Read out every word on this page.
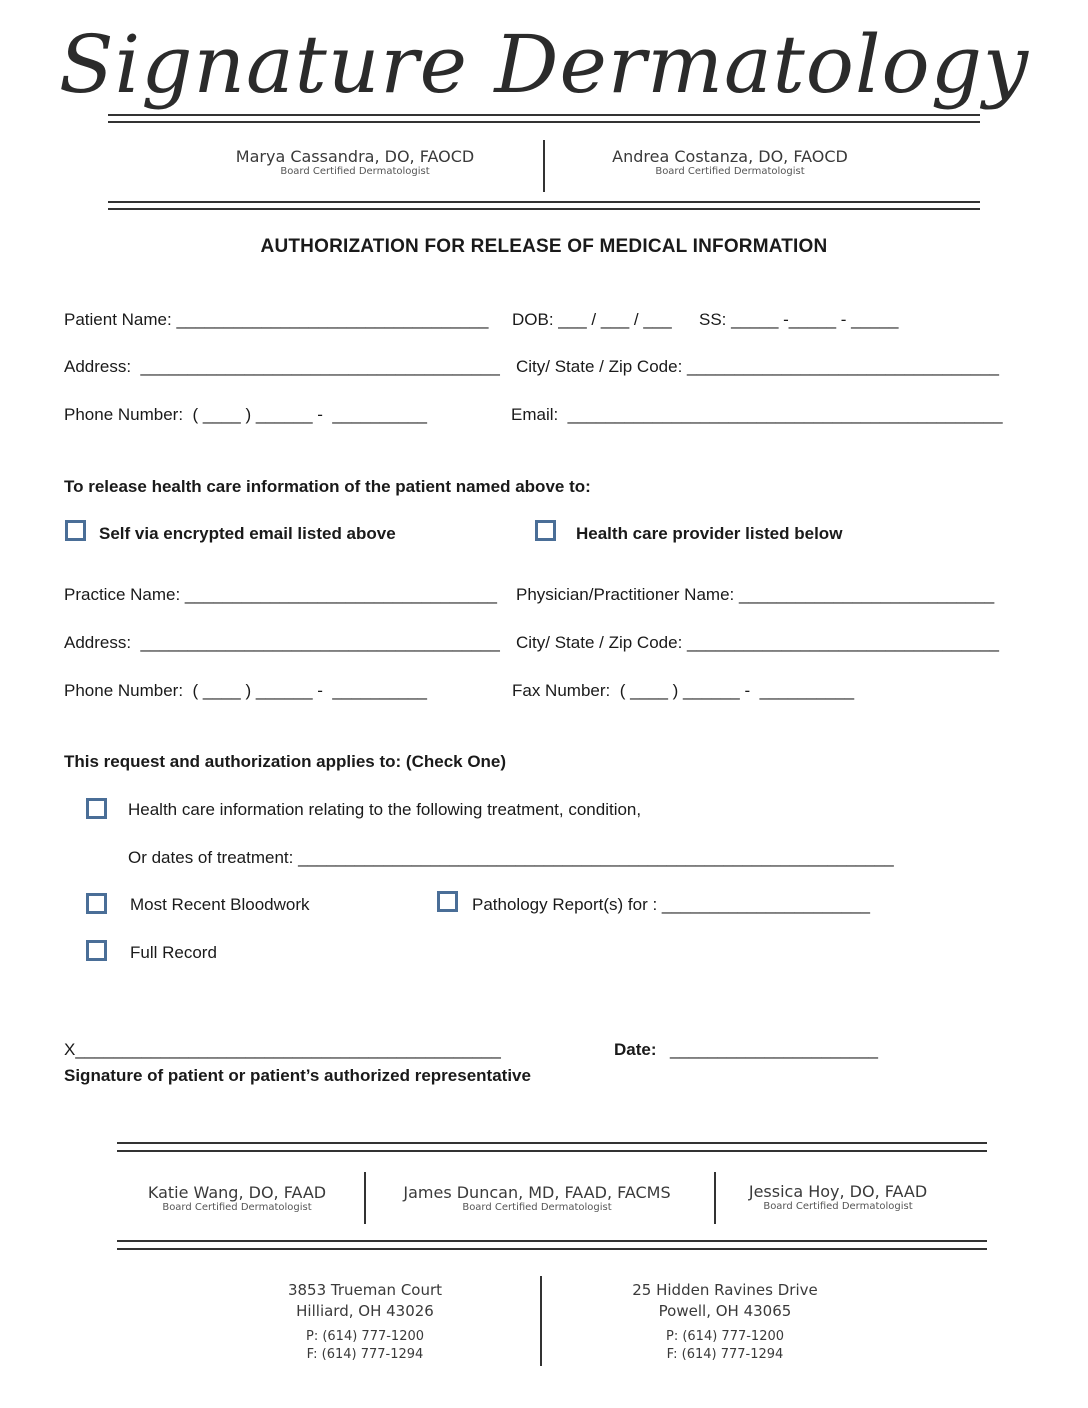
Signature Dermatology
Marya Cassandra, DO, FAOCD
Board Certified Dermatologist
Andrea Costanza, DO, FAOCD
Board Certified Dermatologist
AUTHORIZATION FOR RELEASE OF MEDICAL INFORMATION
Patient Name: _________________________________ DOB: ___ / ___ / ___ SS: _____ -_____ - _____
Address:  ______________________________________ City/ State / Zip Code: _________________________________
Phone Number:  ( ____ ) ______ -  __________	Email:  ______________________________________________
To release health care information of the patient named above to:
Self via encrypted email listed above	Health care provider listed below
Practice Name: _________________________________ Physician/Practitioner Name: ___________________________
Address:  ______________________________________ City/ State / Zip Code: _________________________________
Phone Number:  ( ____ ) ______ -  __________	Fax Number:  ( ____ ) ______ -  __________
This request and authorization applies to: (Check One)
Health care information relating to the following treatment, condition,
Or dates of treatment: _______________________________________________________________
Most Recent Bloodwork	Pathology Report(s) for : ______________________
Full Record
X_____________________________________________	Date: ______________________
Signature of patient or patient’s authorized representative
Katie Wang, DO, FAAD
Board Certified Dermatologist
James Duncan, MD, FAAD, FACMS
Board Certified Dermatologist
Jessica Hoy, DO, FAAD
Board Certified Dermatologist
3853 Trueman Court
Hilliard, OH 43026
P: (614) 777-1200
F: (614) 777-1294
25 Hidden Ravines Drive
Powell, OH 43065
P: (614) 777-1200
F: (614) 777-1294
